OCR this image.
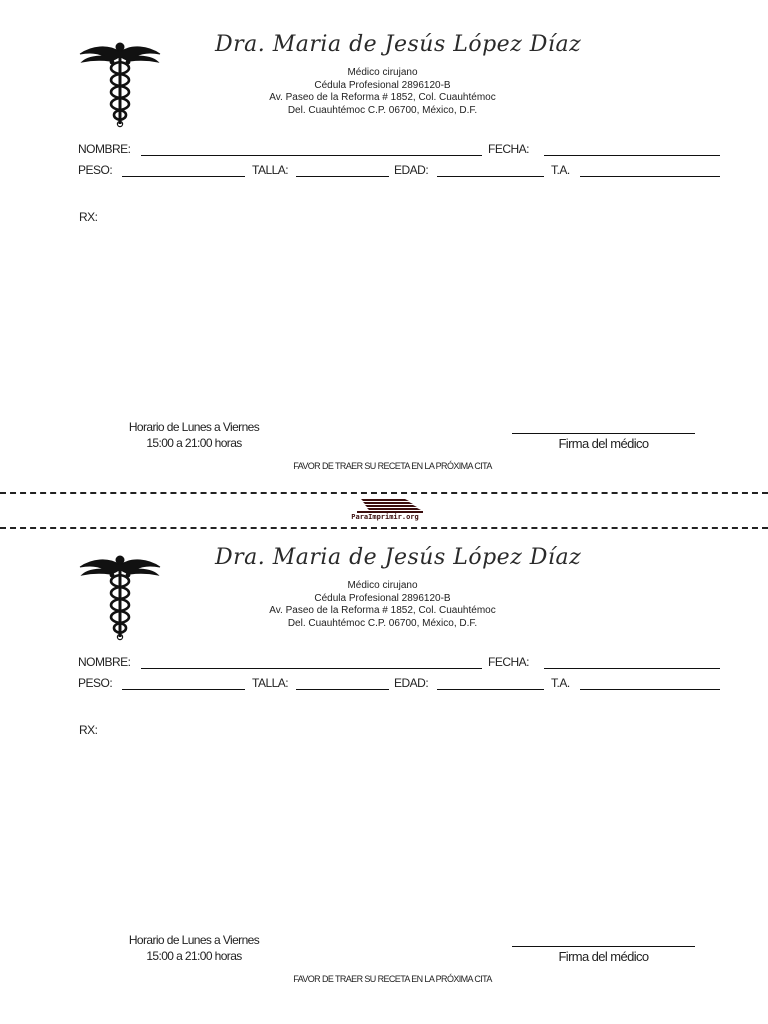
Dra. Maria de Jesús López Díaz
Médico cirujano
Cédula Profesional 2896120-B
Av. Paseo de la Reforma # 1852, Col. Cuauhtémoc
Del. Cuauhtémoc C.P. 06700, México, D.F.
NOMBRE:	FECHA:
PESO:	TALLA:	EDAD:	T.A.
RX:
Horario de Lunes a Viernes
15:00 a 21:00 horas	Firma del médico
FAVOR DE TRAER SU RECETA EN LA PRÓXIMA CITA
ParaImprimir.org
Dra. Maria de Jesús López Díaz
Médico cirujano
Cédula Profesional 2896120-B
Av. Paseo de la Reforma # 1852, Col. Cuauhtémoc
Del. Cuauhtémoc C.P. 06700, México, D.F.
NOMBRE:	FECHA:
PESO:	TALLA:	EDAD:	T.A.
RX:
Horario de Lunes a Viernes
15:00 a 21:00 horas	Firma del médico
FAVOR DE TRAER SU RECETA EN LA PRÓXIMA CITA
